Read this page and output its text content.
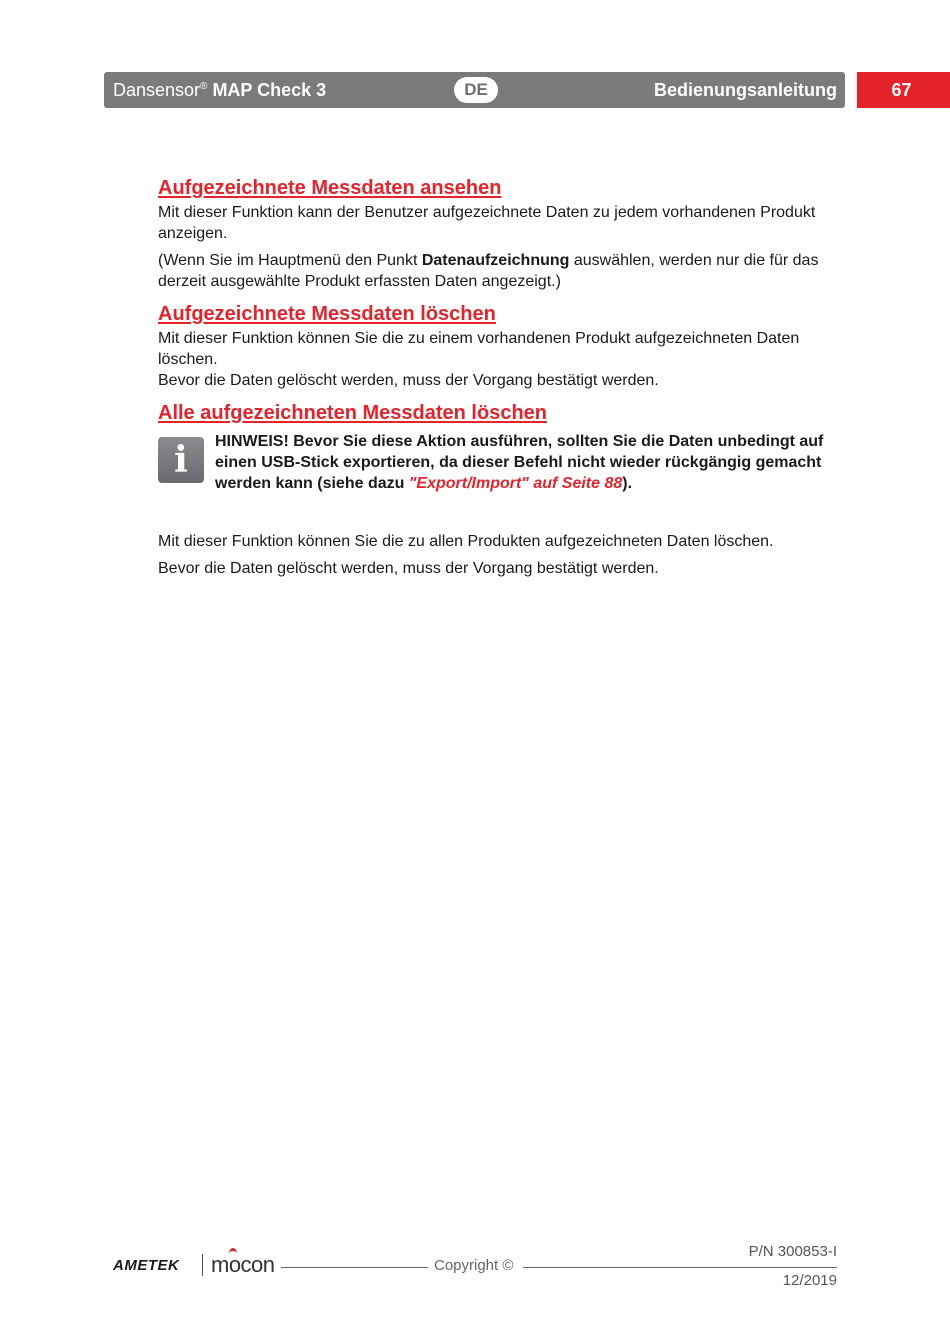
Dansensor® MAP Check 3	DE	Bedienungsanleitung	67
Aufgezeichnete Messdaten ansehen

Mit dieser Funktion kann der Benutzer aufgezeichnete Daten zu jedem vorhandenen Produkt anzeigen.

(Wenn Sie im Hauptmenü den Punkt Datenaufzeichnung auswählen, werden nur die für das derzeit ausgewählte Produkt erfassten Daten angezeigt.)

Aufgezeichnete Messdaten löschen

Mit dieser Funktion können Sie die zu einem vorhandenen Produkt aufgezeichneten Daten löschen.

Bevor die Daten gelöscht werden, muss der Vorgang bestätigt werden.

Alle aufgezeichneten Messdaten löschen
i	HINWEIS! Bevor Sie diese Aktion ausführen, sollten Sie die Daten unbedingt auf einen USB-Stick exportieren, da dieser Befehl nicht wieder rückgängig gemacht werden kann (siehe dazu "Export/Import" auf Seite 88).

Mit dieser Funktion können Sie die zu allen Produkten aufgezeichneten Daten löschen.

Bevor die Daten gelöscht werden, muss der Vorgang bestätigt werden.

AMETEK mocon	Copyright ©
P/N 300853-I
12/2019
